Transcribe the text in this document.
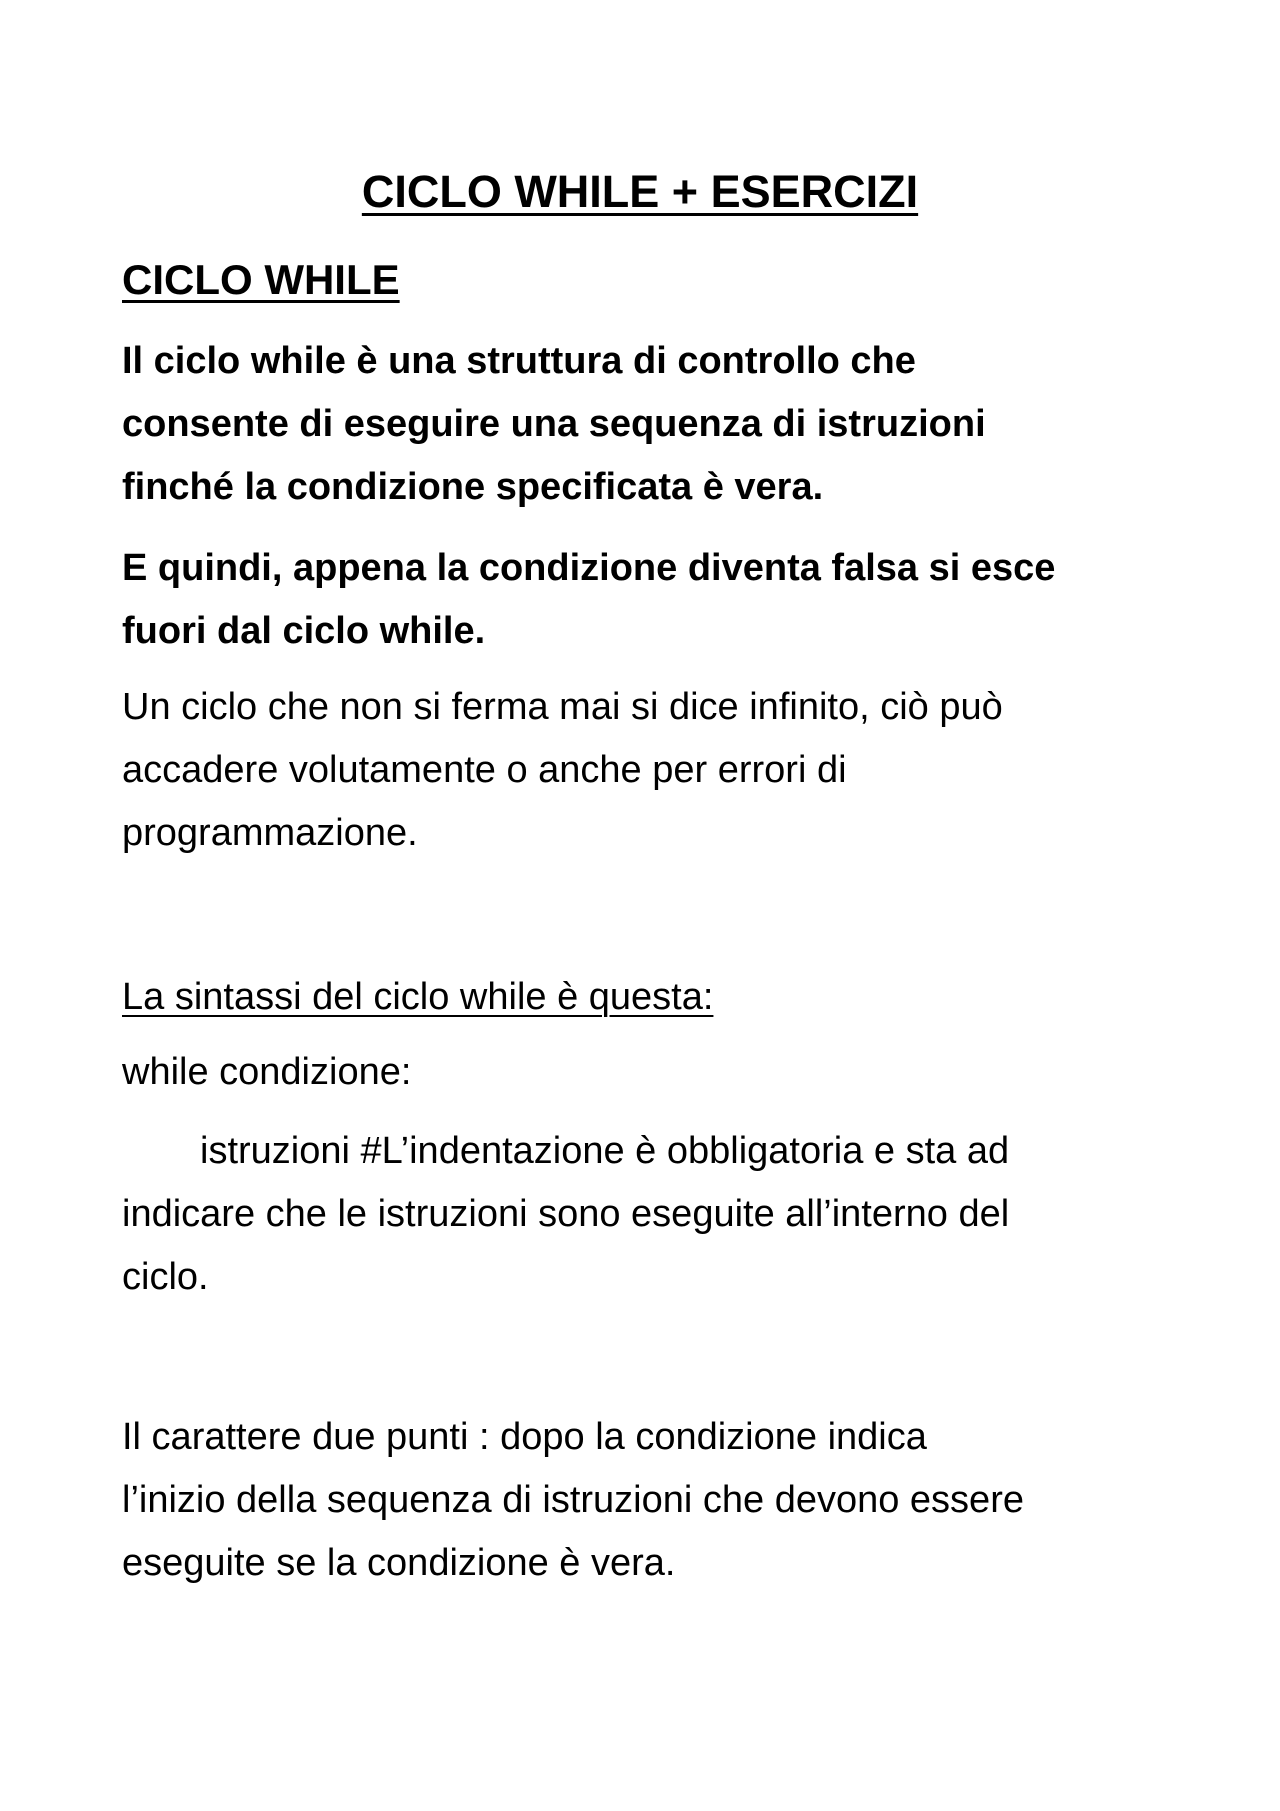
CICLO WHILE + ESERCIZI
CICLO WHILE
Il ciclo while è una struttura di controllo che
consente di eseguire una sequenza di istruzioni
finché la condizione specificata è vera.
E quindi, appena la condizione diventa falsa si esce
fuori dal ciclo while.
Un ciclo che non si ferma mai si dice infinito, ciò può
accadere volutamente o anche per errori di
programmazione.
La sintassi del ciclo while è questa:
while condizione:
istruzioni #L’indentazione è obbligatoria e sta ad
indicare che le istruzioni sono eseguite all’interno del
ciclo.
Il carattere due punti : dopo la condizione indica
l’inizio della sequenza di istruzioni che devono essere
eseguite se la condizione è vera.
